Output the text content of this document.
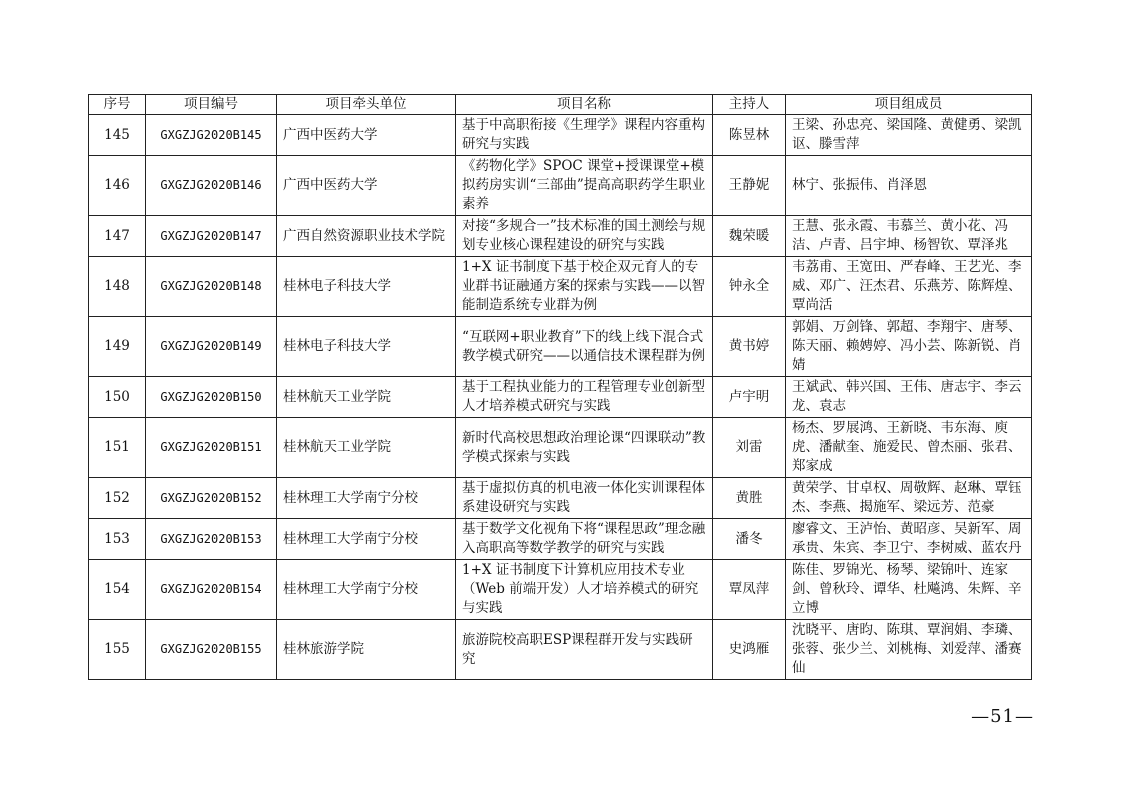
序号	项目编号	项目牵头单位	项目名称	主持人	项目组成员
145	GXGZJG2020B145	广西中医药大学	基于中高职衔接《生理学》课程内容重构研究与实践	陈昱林	王梁、孙忠亮、梁国隆、黄健勇、梁凯讴、滕雪萍
146	GXGZJG2020B146	广西中医药大学	《药物化学》SPOC 课堂+授课课堂+模拟药房实训“三部曲”提高高职药学生职业素养	王静妮	林宁、张振伟、肖泽恩
147	GXGZJG2020B147	广西自然资源职业技术学院	对接“多规合一”技术标准的国土测绘与规划专业核心课程建设的研究与实践	魏荣暖	王慧、张永霞、韦慕兰、黄小花、冯洁、卢青、吕宇坤、杨智钦、覃泽兆
148	GXGZJG2020B148	桂林电子科技大学	1+X 证书制度下基于校企双元育人的专业群书证融通方案的探索与实践——以智能制造系统专业群为例	钟永全	韦荔甫、王宽田、严春峰、王艺光、李威、邓广、汪杰君、乐燕芳、陈辉煌、覃尚活
149	GXGZJG2020B149	桂林电子科技大学	“互联网+职业教育”下的线上线下混合式教学模式研究——以通信技术课程群为例	黄书婷	郭娟、万剑锋、郭超、李翔宇、唐琴、陈天丽、赖娉婷、冯小芸、陈新锐、肖婧
150	GXGZJG2020B150	桂林航天工业学院	基于工程执业能力的工程管理专业创新型人才培养模式研究与实践	卢宇明	王斌武、韩兴国、王伟、唐志宇、李云龙、袁志
151	GXGZJG2020B151	桂林航天工业学院	新时代高校思想政治理论课“四课联动”教学模式探索与实践	刘雷	杨杰、罗展鸿、王新晓、韦东海、庾虎、潘献奎、施爱民、曾杰丽、张君、郑家成
152	GXGZJG2020B152	桂林理工大学南宁分校	基于虚拟仿真的机电液一体化实训课程体系建设研究与实践	黄胜	黄荣学、甘卓权、周敬辉、赵琳、覃钰杰、李燕、揭施军、梁远芳、范豪
153	GXGZJG2020B153	桂林理工大学南宁分校	基于数学文化视角下将“课程思政”理念融入高职高等数学教学的研究与实践	潘冬	廖睿文、王泸怡、黄昭彦、吴新军、周承贵、朱宾、李卫宁、李树威、蓝农丹
154	GXGZJG2020B154	桂林理工大学南宁分校	1+X 证书制度下计算机应用技术专业（Web 前端开发）人才培养模式的研究与实践	覃凤萍	陈佳、罗锦光、杨琴、梁锦叶、连家剑、曾秋玲、谭华、杜飚鸿、朱辉、辛立博
155	GXGZJG2020B155	桂林旅游学院	旅游院校高职ESP课程群开发与实践研究	史鸿雁	沈晓平、唐昀、陈琪、覃润娟、李璘、张蓉、张少兰、刘桃梅、刘爱萍、潘赛仙
—51—
